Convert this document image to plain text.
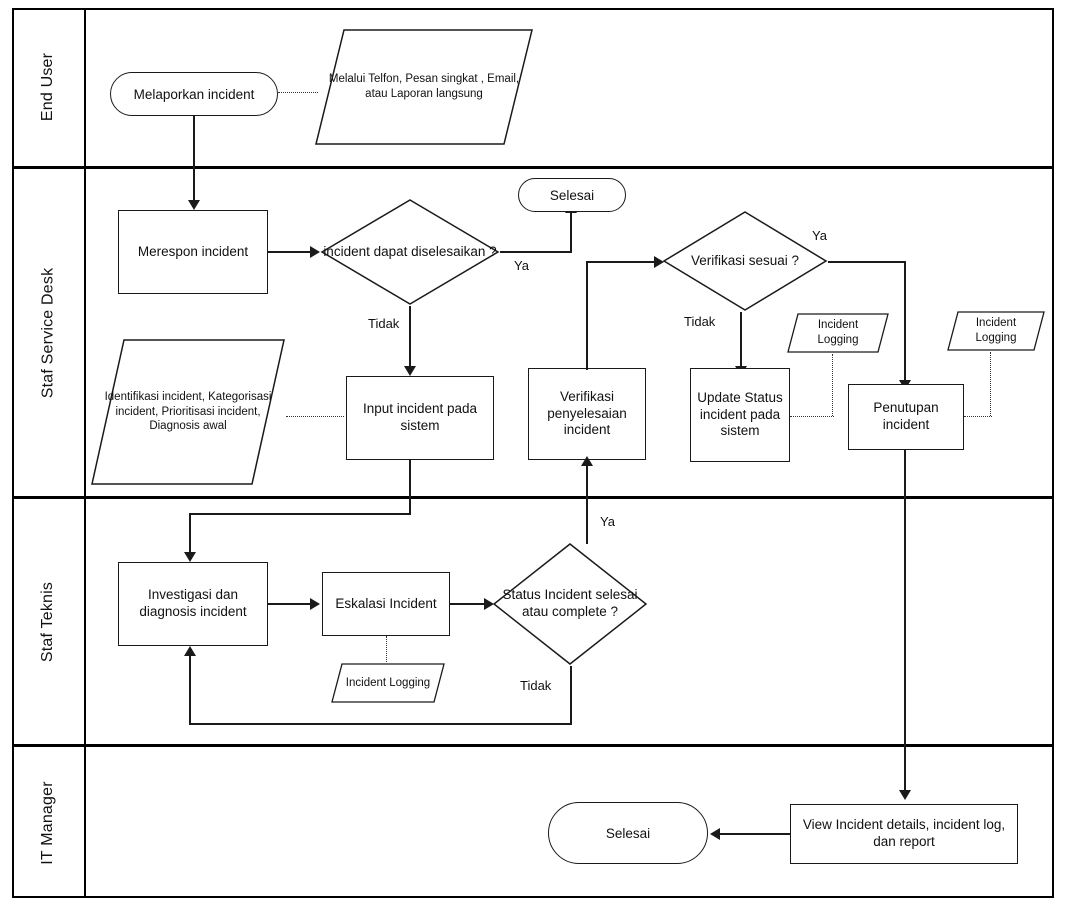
End User
Staf Service Desk
Staf Teknis
IT Manager
Melaporkan incident
Melalui Telfon, Pesan singkat , Email, atau Laporan langsung
Merespon incident	incident dapat diselesaikan ?
Ya
Selesai
Tidak
Input incident pada sistem
Identifikasi incident, Kategorisasi incident, Prioritisasi incident, Diagnosis awal
Verifikasi penyelesaian incident
Verifikasi sesuai ?
Ya
Tidak
Update Status incident pada sistem
Penutupan incident
Incident Logging
Incident Logging
Investigasi dan diagnosis incident
Eskalasi Incident
Incident Logging
Status Incident selesai atau complete ?
Ya
Tidak
View Incident details, incident log, dan report
Selesai
